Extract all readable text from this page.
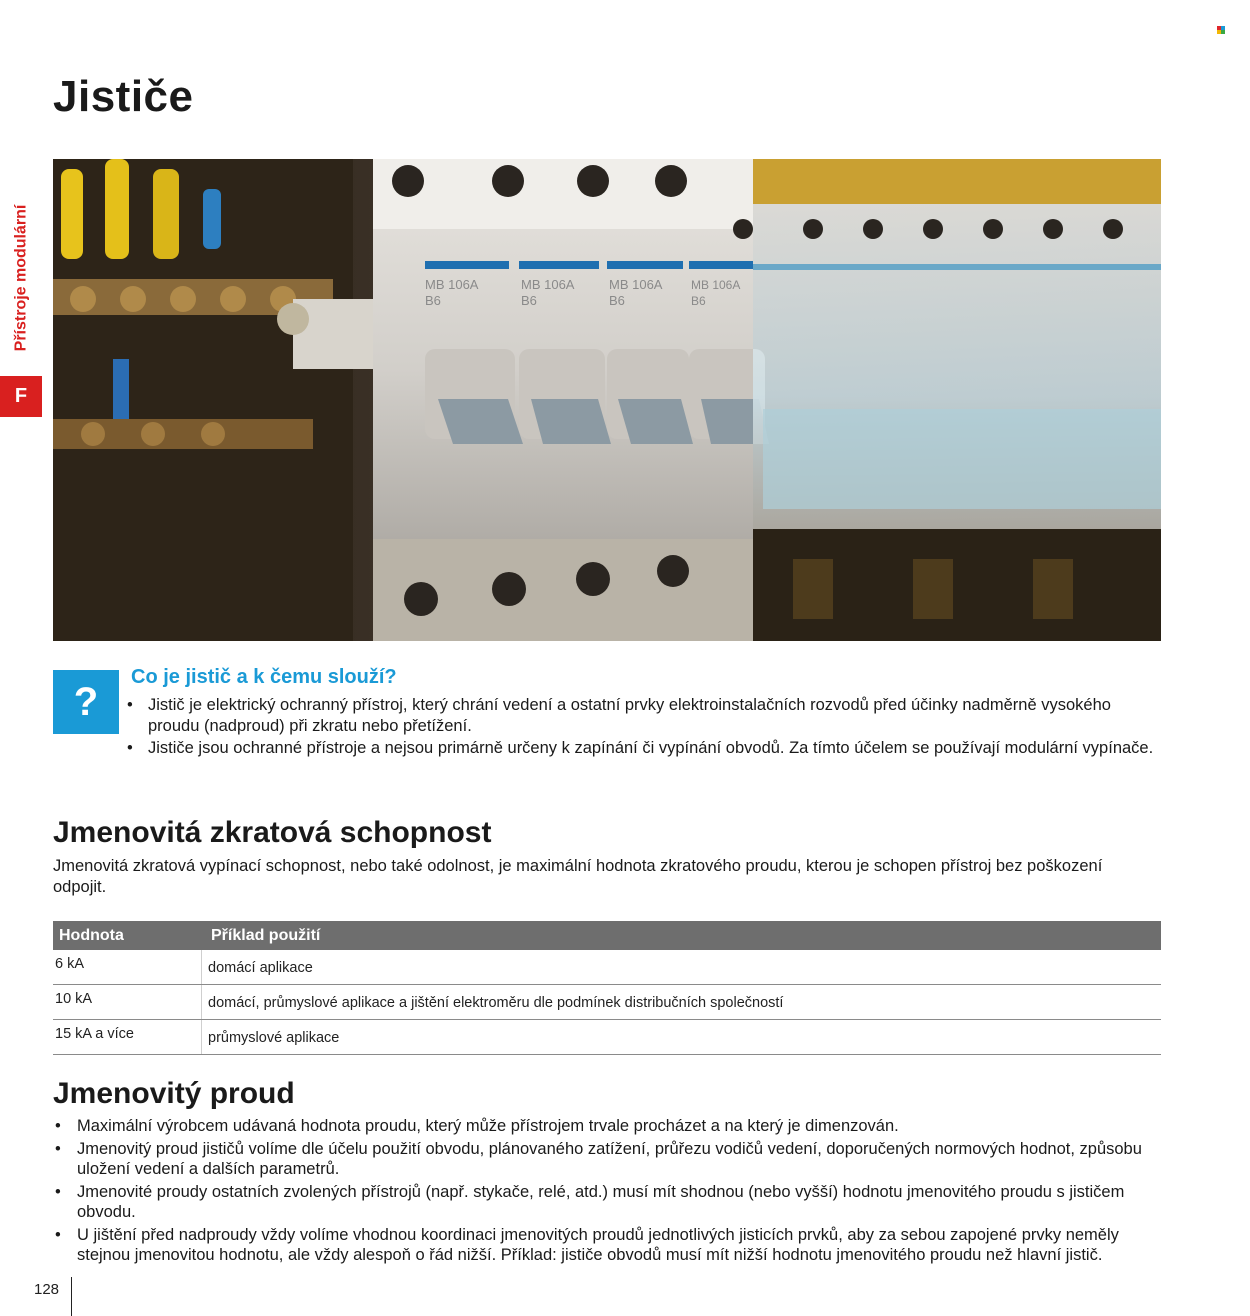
Přístroje modulární
F
Jističe
MB 106A
B6
MB 106A
B6
MB 106A
B6
MB 106A
B6
?
Co je jistič a k čemu slouží?
• Jistič je elektrický ochranný přístroj, který chrání vedení a ostatní prvky elektroinstalačních rozvodů před účinky nadměrně vysokého proudu (nadproud) při zkratu nebo přetížení.
• Jističe jsou ochranné přístroje a nejsou primárně určeny k zapínání či vypínání obvodů. Za tímto účelem se používají modulární vypínače.
Jmenovitá zkratová schopnost

Jmenovitá zkratová vypínací schopnost, nebo také odolnost, je maximální hodnota zkratového proudu, kterou je schopen přístroj bez poškození odpojit.

Hodnota	Příklad použití
6 kA	domácí aplikace
10 kA	domácí, průmyslové aplikace a jištění elektroměru dle podmínek distribučních společností
15 kA a více	průmyslové aplikace
Jmenovitý proud
• Maximální výrobcem udávaná hodnota proudu, který může přístrojem trvale procházet a na který je dimenzován.
• Jmenovitý proud jističů volíme dle účelu použití obvodu, plánovaného zatížení, průřezu vodičů vedení, doporučených normových hodnot, způsobu uložení vedení a dalších parametrů.
• Jmenovité proudy ostatních zvolených přístrojů (např. stykače, relé, atd.) musí mít shodnou (nebo vyšší) hodnotu jmenovitého proudu s jističem obvodu.
• U jištění před nadproudy vždy volíme vhodnou koordinaci jmenovitých proudů jednotlivých jisticích prvků, aby za sebou zapojené prvky neměly stejnou jmenovitou hodnotu, ale vždy alespoň o řád nižší. Příklad: jističe obvodů musí mít nižší hodnotu jmenovitého proudu než hlavní jistič.
128
